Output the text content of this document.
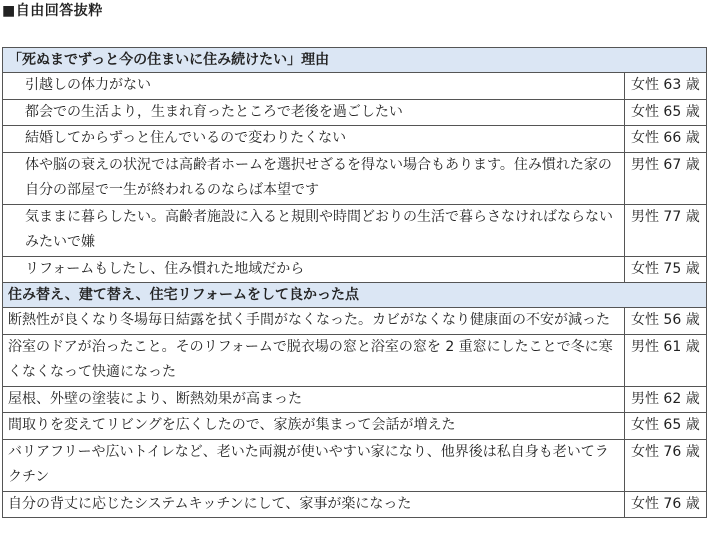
■自由回答抜粋
「死ぬまでずっと今の住まいに住み続けたい」理由	
引越しの体力がない	女性 63 歳
都会での生活より，生まれ育ったところで老後を過ごしたい	女性 65 歳
結婚してからずっと住んでいるので変わりたくない	女性 66 歳
体や脳の衰えの状況では高齢者ホームを選択せざるを得ない場合もあります。住み慣れた家の自分の部屋で一生が終われるのならば本望です	男性 67 歳
気ままに暮らしたい。高齢者施設に入ると規則や時間どおりの生活で暮らさなければならないみたいで嫌	男性 77 歳
リフォームもしたし、住み慣れた地域だから	女性 75 歳
住み替え、建て替え、住宅リフォームをして良かった点	
断熱性が良くなり冬場毎日結露を拭く手間がなくなった。カビがなくなり健康面の不安が減った	女性 56 歳
浴室のドアが治ったこと。そのリフォームで脱衣場の窓と浴室の窓を 2 重窓にしたことで冬に寒くなくなって快適になった	男性 61 歳
屋根、外壁の塗装により、断熱効果が高まった	男性 62 歳
間取りを変えてリビングを広くしたので、家族が集まって会話が増えた	女性 65 歳
バリアフリーや広いトイレなど、老いた両親が使いやすい家になり、他界後は私自身も老いてラクチン	女性 76 歳
自分の背丈に応じたシステムキッチンにして、家事が楽になった	女性 76 歳
